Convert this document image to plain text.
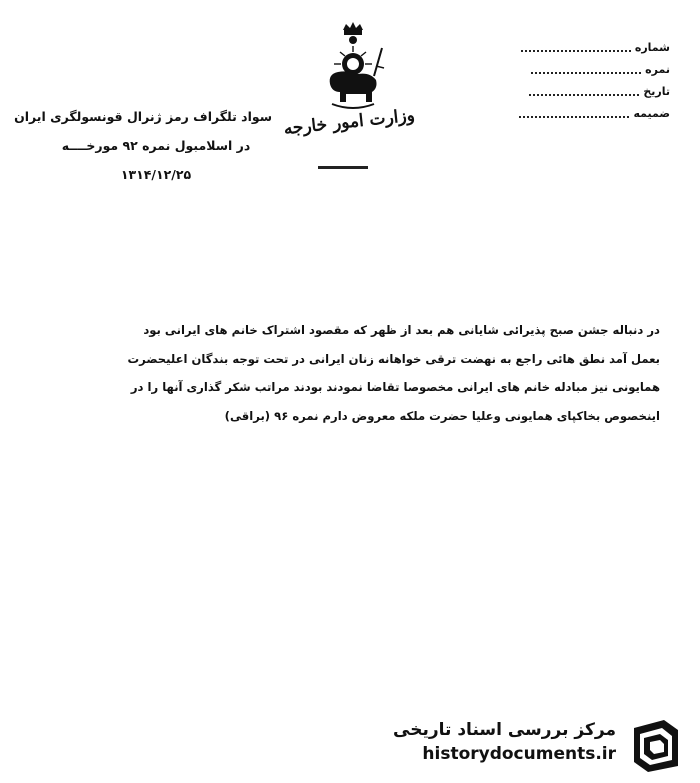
وزارت امور خارجه
شماره
نمره
تاریخ
ضمیمه
سواد تلگراف رمز ژنرال قونسولگری ایران
در اسلامبول نمره ۹۲ مورخــــه
۱۳۱۴/۱۲/۲۵
در دنباله جشن صبح پذیرائی شایانی هم بعد از ظهر که مقصود اشتراک خانم های ایرانی بود
بعمل آمد نطق هائی راجع به نهضت ترقی خواهانه زنان ایرانی در تحت توجه بندگان اعلیحضرت
همایونی نیز مبادله خانم های ایرانی مخصوصا تقاضا نمودند بودند مراتب شکر گذاری آنها را در
اینخصوص بخاکپای همایونی وعلیا حضرت ملکه معروض دارم نمره ۹۶ (براقی)
مرکز بررسی اسناد تاریخی
historydocuments.ir
